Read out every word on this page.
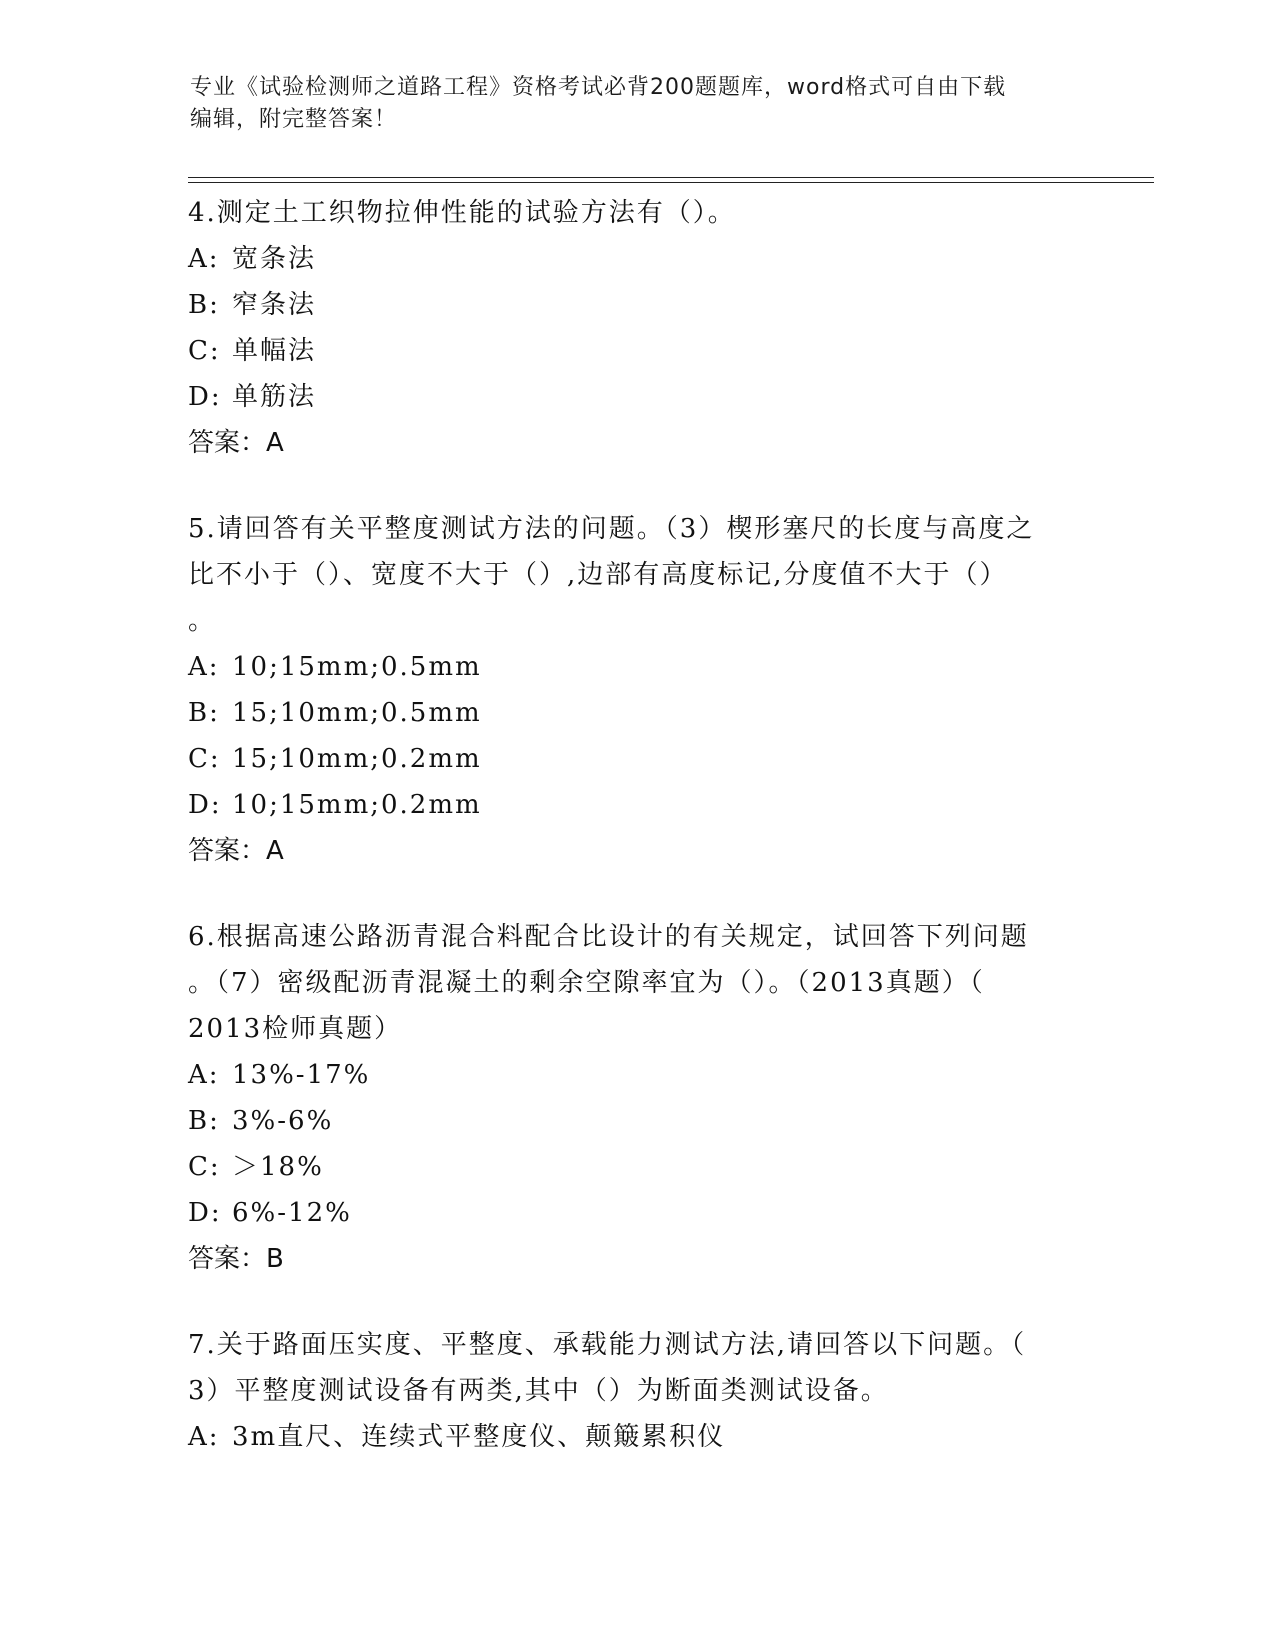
专业《试验检测师之道路工程》资格考试必背200题题库，word格式可自由下载
编辑，附完整答案！

4.测定土工织物拉伸性能的试验方法有（）。

A: 宽条法

B: 窄条法

C: 单幅法

D: 单筋法

答案：A

5.请回答有关平整度测试方法的问题。（3）楔形塞尺的长度与高度之

比不小于（）、宽度不大于（）,边部有高度标记,分度值不大于（）

。

A: 10;15mm;0.5mm

B: 15;10mm;0.5mm

C: 15;10mm;0.2mm

D: 10;15mm;0.2mm

答案：A

6.根据高速公路沥青混合料配合比设计的有关规定，试回答下列问题

。（7）密级配沥青混凝土的剩余空隙率宜为（）。（2013真题）（

2013检师真题）

A: 13%-17%

B: 3%-6%

C: ＞18%

D: 6%-12%

答案：B

7.关于路面压实度、平整度、承载能力测试方法,请回答以下问题。（

3）平整度测试设备有两类,其中（）为断面类测试设备。

A: 3m直尺、连续式平整度仪、颠簸累积仪
